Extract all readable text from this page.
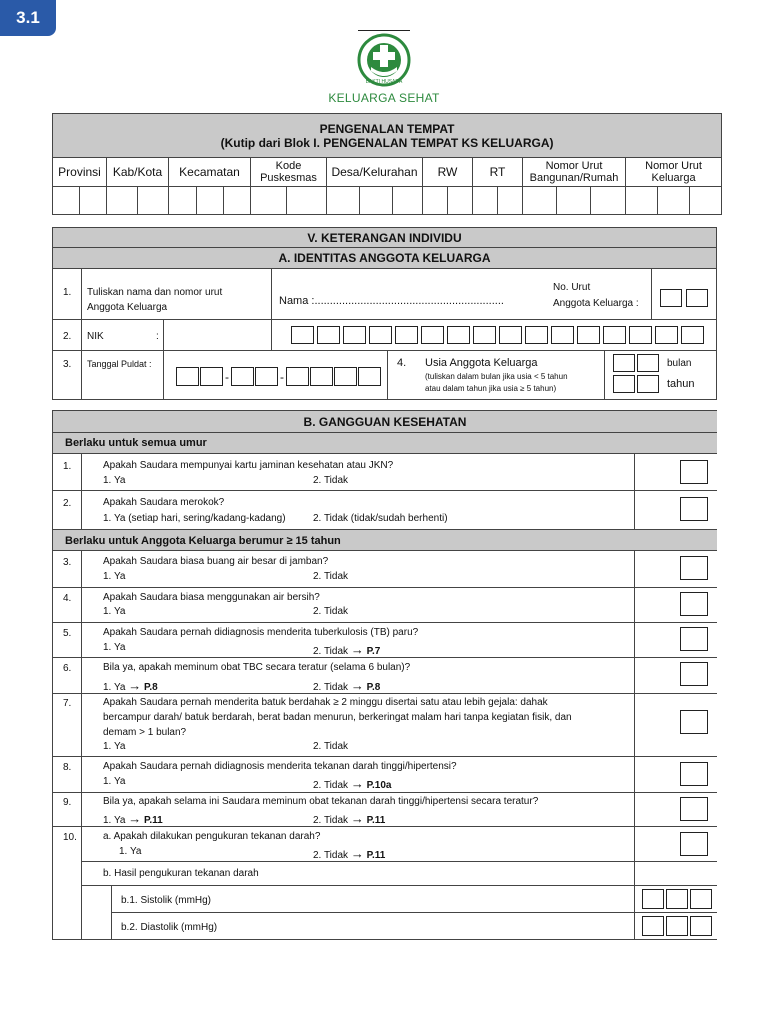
3.1
BAKTI HUSADA
KELUARGA SEHAT
PENGENALAN TEMPAT
(Kutip dari Blok I. PENGENALAN TEMPAT KS KELUARGA)																					

Provinsi		Kab/Kota		Kecamatan			Kode Puskesmas		Desa/Kelurahan			RW		RT		Nomor Urut Bangunan/Rumah			Nomor Urut Keluarga		

V. KETERANGAN INDIVIDU
A. IDENTITAS ANGGOTA KELUARGA
1. Tuliskan nama dan nomor urut Anggota Keluarga
Nama :..............................................................
No. Urut
Anggota Keluarga :
2. NIK	:
3. Tanggal Puldat :
-	-
4. Usia Anggota Keluarga
(tuliskan dalam bulan jika usia < 5 tahun
atau dalam tahun jika usia ≥ 5 tahun)
bulan
tahun
B. GANGGUAN KESEHATAN
Berlaku untuk semua umur
1.	Apakah Saudara mempunyai kartu jaminan kesehatan atau JKN?
1. Ya	2. Tidak
2.	Apakah Saudara merokok?
1. Ya (setiap hari, sering/kadang-kadang)	2. Tidak (tidak/sudah berhenti)
Berlaku untuk Anggota Keluarga berumur ≥ 15 tahun
3.	Apakah Saudara biasa buang air besar di jamban?
1. Ya	2. Tidak
4.	Apakah Saudara biasa menggunakan air bersih?
1. Ya	2. Tidak
5.	Apakah Saudara pernah didiagnosis menderita tuberkulosis (TB) paru?
1. Ya	2. Tidak → P.7
6.	Bila ya, apakah meminum obat TBC secara teratur (selama 6 bulan)?
1. Ya → P.8	2. Tidak → P.8
7.	Apakah Saudara pernah menderita batuk berdahak ≥ 2 minggu disertai satu atau lebih gejala: dahak
bercampur darah/ batuk berdarah, berat badan menurun, berkeringat malam hari tanpa kegiatan fisik, dan
demam > 1 bulan?
1. Ya	2. Tidak
8.	Apakah Saudara pernah didiagnosis menderita tekanan darah tinggi/hipertensi?
1. Ya	2. Tidak → P.10a
9.	Bila ya, apakah selama ini Saudara meminum obat tekanan darah tinggi/hipertensi secara teratur?
1. Ya → P.11	2. Tidak → P.11
10.	a. Apakah dilakukan pengukuran tekanan darah?
1. Ya	2. Tidak → P.11
b. Hasil pengukuran tekanan darah
b.1. Sistolik (mmHg)
b.2. Diastolik (mmHg)
